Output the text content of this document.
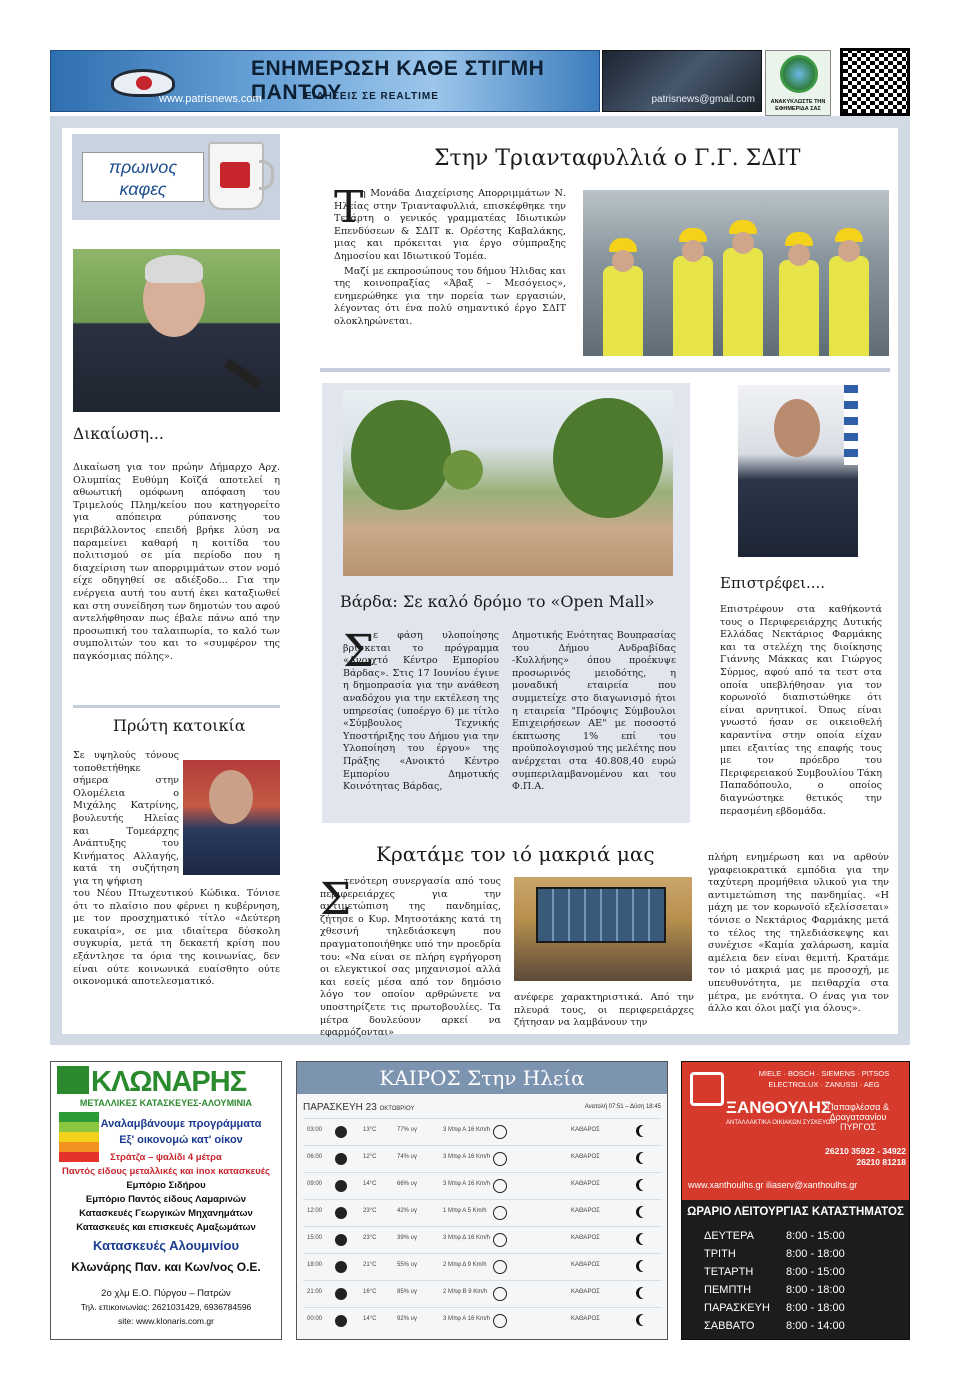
ΕΝΗΜΕΡΩΣΗ ΚΑΘΕ ΣΤΙΓΜΗ ΠΑΝΤΟΥ
www.patrisnews.com	ΕΙΔΗΣΕΙΣ ΣΕ REALTIME	patrisnews@gmail.com	ΑΝΑΚΥΚΛΩΣΤΕ ΤΗΝ ΕΦΗΜΕΡΙΔΑ ΣΑΣ
πρωινος
καφες
Δικαίωση...
Δικαίωση για τον πρώην Δήμαρχο Αρχ. Ολυμπίας Ευθύμη Κοϊζά αποτελεί η αθωωτική ομόφωνη απόφαση του Τριμελούς Πλημ/κείου που κατηγορείτο για απόπειρα ρύπανσης του περιβάλλοντος επειδή βρήκε λύση να παραμείνει καθαρή η κοιτίδα του πολιτισμού σε μία περίοδο που η διαχείριση των απορριμμάτων στον νομό είχε οδηγηθεί σε αδιέξοδο... Για την ενέργεια αυτή του αυτή έκει καταξιωθεί και στη συνείδηση των δημοτών του αφού αντελήφθησαν πως έβαλε πάνω από την προσωπική του ταλαιπωρία, το καλό των συμπολιτών του και το «συμφέρον της παγκόσμιας πόλης».
Πρώτη κατοικία
Σε υψηλούς τόνους τοποθετήθηκε σήμερα στην Ολομέλεια ο Μιχάλης Κατρίνης, βουλευτής Ηλείας και Τομεάρχης Ανάπτυξης του Κινήματος Αλλαγής, κατά τη συζήτηση για τη ψήφιση
του Νέου Πτωχευτικού Κώδικα. Τόνισε ότι το πλαίσιο που φέρνει η κυβέρνηση, με τον προσχηματικό τίτλο «Δεύτερη ευκαιρία», σε μια ιδιαίτερα δύσκολη συγκυρία, μετά τη δεκαετή κρίση που εξάντλησε τα όρια της κοινωνίας, δεν είναι ούτε κοινωνικά ευαίσθητο ούτε οικονομικά αποτελεσματικό.
Στην Τριανταφυλλιά ο Γ.Γ. ΣΔΙΤ
Τ
η Μονάδα Διαχείρισης Απορριμμάτων Ν. Ηλείας στην Τριανταφυλλιά, επισκέφθηκε την Τετάρτη ο γενικός γραμματέας Ιδιωτικών Επενδύσεων & ΣΔΙΤ κ. Ορέστης Καβαλάκης, μιας και πρόκειται για έργο σύμπραξης Δημοσίου και Ιδιωτικού Τομέα.
Μαζί με εκπροσώπους του δήμου Ήλιδας και της κοινοπραξίας «Άβαξ – Μεσόγειος», ενημερώθηκε για την πορεία των εργασιών, λέγοντας ότι ένα πολύ σημαντικό έργο ΣΔΙΤ ολοκληρώνεται.
Βάρδα: Σε καλό δρόμο το «Open Mall»
Σ
ε φάση υλοποίησης βρίσκεται το πρόγραμμα «Ανοιχτό Κέντρο Εμπορίου Βάρδας». Στις 17 Ιουνίου έγινε η δημοπρασία για την ανάθεση αναδόχου για την εκτέλεση της υπηρεσίας (υποέργο 6) με τίτλο «Σύμβουλος Τεχνικής Υποστήριξης του Δήμου για την Υλοποίηση του έργου» της Πράξης «Ανοικτό Κέντρο Εμπορίου Δημοτικής Κοινότητας Βάρδας,
Δημοτικής Ενότητας Βουπρασίας του Δήμου Ανδραβίδας -Κυλλήνης» όπου προέκυψε προσωρινός μειοδότης, η μοναδική εταιρεία που συμμετείχε στο διαγωνισμό ήτοι η εταιρεία "Πρόοψις Σύμβουλοι Επιχειρήσεων ΑΕ" με ποσοστό έκπτωσης 1% επί του προϋπολογισμού της μελέτης που ανέρχεται στα 40.808,40 ευρώ συμπεριλαμβανομένου και του Φ.Π.Α.
Επιστρέφει....
Επιστρέφουν στα καθήκοντά τους ο Περιφερειάρχης Δυτικής Ελλάδας Νεκτάριος Φαρμάκης και τα στελέχη της διοίκησης Γιάννης Μάκκας και Γιώργος Σύρμος, αφού από τα τεστ στα οποία υπεβλήθησαν για τον κορωνοϊό διαπιστώθηκε ότι είναι αρνητικοί. Όπως είναι γνωστό ήσαν σε οικειοθελή καραντίνα στην οποία είχαν μπει εξαιτίας της επαφής τους με τον πρόεδρο του Περιφερειακού Συμβουλίου Τάκη Παπαδόπουλο, ο οποίος διαγνώστηκε θετικός την περασμένη εβδομάδα.
Κρατάμε τον ιό μακριά μας
Σ
τενότερη συνεργασία από τους περιφερειάρχες για την αντιμετώπιση της πανδημίας, ζήτησε ο Κυρ. Μητσοτάκης κατά τη χθεσινή τηλεδιάσκεψη που πραγματοποιήθηκε υπό την προεδρία του: «Να είναι σε πλήρη εγρήγορση οι ελεγκτικοί σας μηχανισμοί αλλά και εσείς μέσα από τον δημόσιο λόγο τον οποίον αρθρώνετε να υποστηρίζετε τις πρωτοβουλίες. Τα μέτρα δουλεύουν αρκεί να εφαρμόζονται»
ανέφερε χαρακτηριστικά. Από την πλευρά τους, οι περιφερειάρχες ζήτησαν να λαμβάνουν την
πλήρη ενημέρωση και να αρθούν γραφειοκρατικά εμπόδια για την ταχύτερη προμήθεια υλικού για την αντιμετώπιση της πανδημίας. «Η μάχη με τον κορωνοϊό εξελίσσεται» τόνισε ο Νεκτάριος Φαρμάκης μετά το τέλος της τηλεδιάσκεψης και συνέχισε «Καμία χαλάρωση, καμία αμέλεια δεν είναι θεμιτή. Κρατάμε τον ιό μακριά μας με προσοχή, με υπευθυνότητα, με πειθαρχία στα μέτρα, με ενότητα. Ο ένας για τον άλλο και όλοι μαζί για όλους».
ΚΛΩΝΑΡΗΣ
ΜΕΤΑΛΛΙΚΕΣ ΚΑΤΑΣΚΕΥΕΣ-ΑΛΟΥΜΙΝΙΑ
Αναλαμβάνουμε προγράμματα
Εξ' οικονομώ κατ' οίκον
Στράτζα – ψαλίδι 4 μέτρα
Παντός είδους μεταλλικές και inox κατασκευές
Εμπόριο Σιδήρου
Εμπόριο Παντός είδους Λαμαρινών
Κατασκευές Γεωργικών Μηχανημάτων
Κατασκευές και επισκευές Αμαξωμάτων
Κατασκευές Αλουμινίου
Κλωνάρης Παν. και Κων/νος Ο.Ε.
2ο χλμ Ε.Ο. Πύργου – Πατρών
Τηλ. επικοινωνίας: 2621031429, 6936784596
site: www.klonaris.com.gr
ΚΑΙΡΟΣ Στην Ηλεία
ΠΑΡΑΣΚΕΥΗ 23 ΟΚΤΩΒΡΙΟΥ	Ανατολή 07:51 – Δύση 18:45
03:00	13°C	77% υγ	3 Μπφ Α 16 Km/h	ΚΑΘΑΡΟΣ
06:00	12°C	74% υγ	3 Μπφ Α 16 Km/h	ΚΑΘΑΡΟΣ
09:00	14°C	66% υγ	3 Μπφ Α 16 Km/h	ΚΑΘΑΡΟΣ
12:00	23°C	42% υγ	1 Μπφ Α 5 Km/h	ΚΑΘΑΡΟΣ
15:00	23°C	39% υγ	3 Μπφ Δ 16 Km/h	ΚΑΘΑΡΟΣ
18:00	21°C	55% υγ	2 Μπφ Δ 9 Km/h	ΚΑΘΑΡΟΣ
21:00	16°C	85% υγ	2 Μπφ Β 9 Km/h	ΚΑΘΑΡΟΣ
00:00	14°C	92% υγ	3 Μπφ Α 16 Km/h	ΚΑΘΑΡΟΣ
MIELE · BOSCH · SIEMENS · PITSOS
ELECTROLUX · ZANUSSI · AEG
ΞΑΝΘΟΥΛΗΣ
ΑΝΤΑΛΛΑΚΤΙΚΑ ΟΙΚΙΑΚΩΝ ΣΥΣΚΕΥΩΝ
Παπαφλέσσα & Δραγατσανίου ΠΥΡΓΟΣ
26210 35922 - 34922
26210 81218
www.xanthoulhs.gr iliaserv@xanthoulhs.gr
ΩΡΑΡΙΟ ΛΕΙΤΟΥΡΓΙΑΣ ΚΑΤΑΣΤΗΜΑΤΟΣ
ΔΕΥΤΕΡΑ	8:00 - 15:00
ΤΡΙΤΗ	8:00 - 18:00
ΤΕΤΑΡΤΗ	8:00 - 15:00
ΠΕΜΠΤΗ	8:00 - 18:00
ΠΑΡΑΣΚΕΥΗ 8:00 - 18:00
ΣΑΒΒΑΤΟ	8:00 - 14:00
